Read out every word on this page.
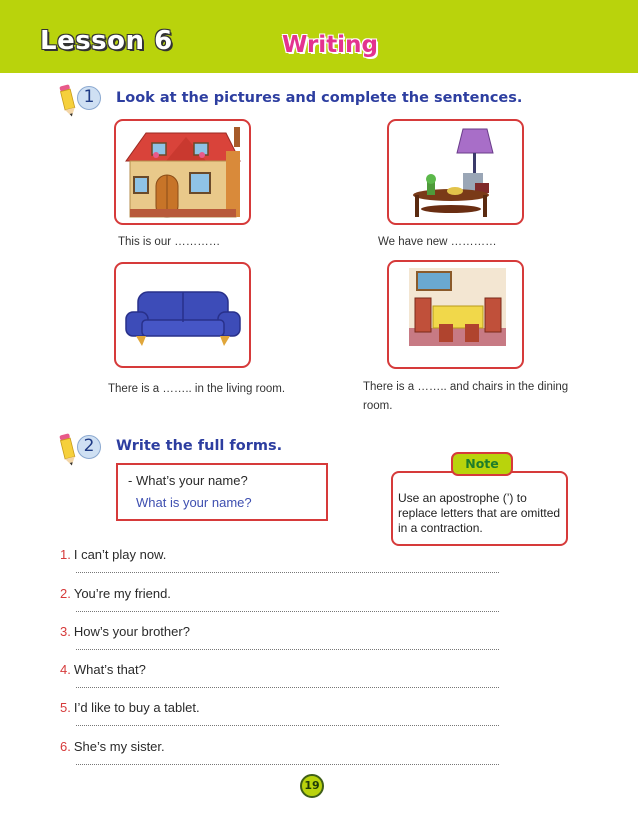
Lesson 6	Writing
1	Look at the pictures and complete the sentences.
This is our …………	We have new …………
There is a …….. in the living room.	There is a …….. and chairs in the dining room.
2	Write the full forms.
- What’s your name?
What is your name?
Note
Use an apostrophe (’) to replace letters that are omitted in a contraction.
1. I can’t play now.
2. You’re my friend.
3. How’s your brother?
4. What’s that?
5. I’d like to buy a tablet.
6. She’s my sister.
19
